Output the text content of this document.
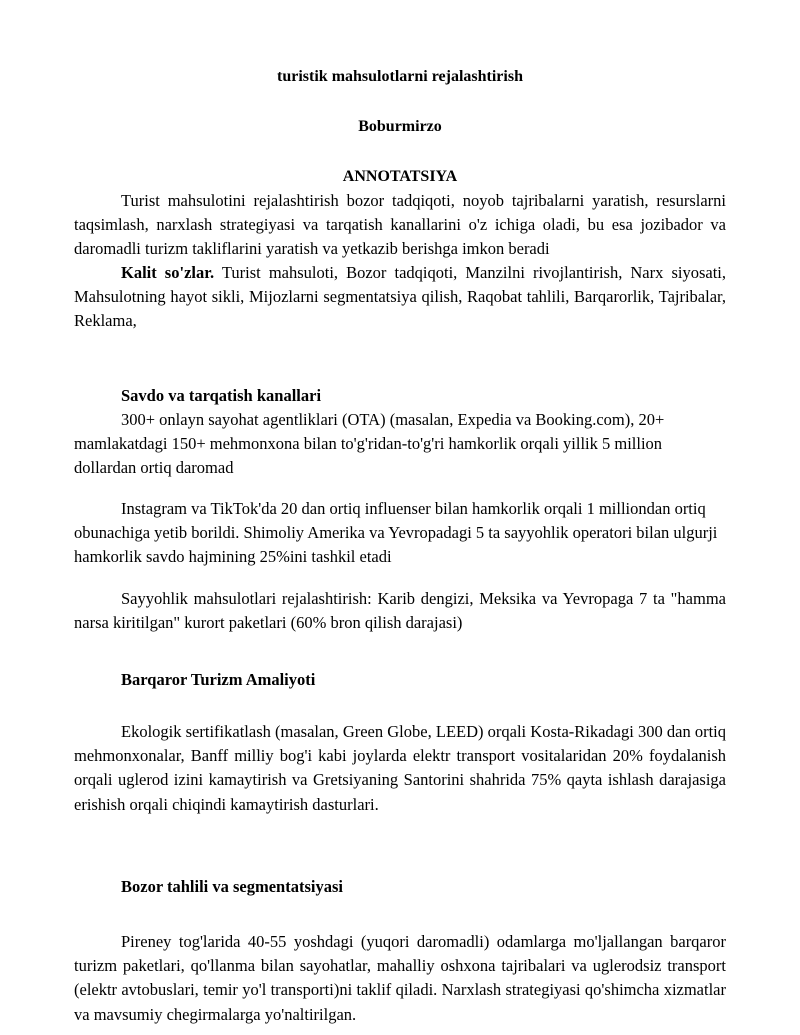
turistik mahsulotlarni rejalashtirish
Boburmirzo
ANNOTATSIYA
Turist mahsulotini rejalashtirish bozor tadqiqoti, noyob tajribalarni yaratish, resurslarni taqsimlash, narxlash strategiyasi va tarqatish kanallarini o'z ichiga oladi, bu esa jozibador va daromadli turizm takliflarini yaratish va yetkazib berishga imkon beradi
Kalit so'zlar. Turist mahsuloti, Bozor tadqiqoti, Manzilni rivojlantirish, Narx siyosati, Mahsulotning hayot sikli, Mijozlarni segmentatsiya qilish, Raqobat tahlili, Barqarorlik, Tajribalar, Reklama,
Savdo va tarqatish kanallari
300+ onlayn sayohat agentliklari (OTA) (masalan, Expedia va Booking.com), 20+ mamlakatdagi 150+ mehmonxona bilan to'g'ridan-to'g'ri hamkorlik orqali yillik 5 million dollardan ortiq daromad
Instagram va TikTok'da 20 dan ortiq influenser bilan hamkorlik orqali 1 milliondan ortiq obunachiga yetib borildi. Shimoliy Amerika va Yevropadagi 5 ta sayyohlik operatori bilan ulgurji hamkorlik savdo hajmining 25%ini tashkil etadi
Sayyohlik mahsulotlari rejalashtirish: Karib dengizi, Meksika va Yevropaga 7 ta "hamma narsa kiritilgan" kurort paketlari (60% bron qilish darajasi)
Barqaror Turizm Amaliyoti
Ekologik sertifikatlash (masalan, Green Globe, LEED) orqali Kosta-Rikadagi 300 dan ortiq mehmonxonalar, Banff milliy bog'i kabi joylarda elektr transport vositalaridan 20% foydalanish orqali uglerod izini kamaytirish va Gretsiyaning Santorini shahrida 75% qayta ishlash darajasiga erishish orqali chiqindi kamaytirish dasturlari.
Bozor tahlili va segmentatsiyasi
Pireney tog'larida 40-55 yoshdagi (yuqori daromadli) odamlarga mo'ljallangan barqaror turizm paketlari, qo'llanma bilan sayohatlar, mahalliy oshxona tajribalari va uglerodsiz transport (elektr avtobuslari, temir yo'l transporti)ni taklif qiladi. Narxlash strategiyasi qo'shimcha xizmatlar va mavsumiy chegirmalarga yo'naltirilgan.
